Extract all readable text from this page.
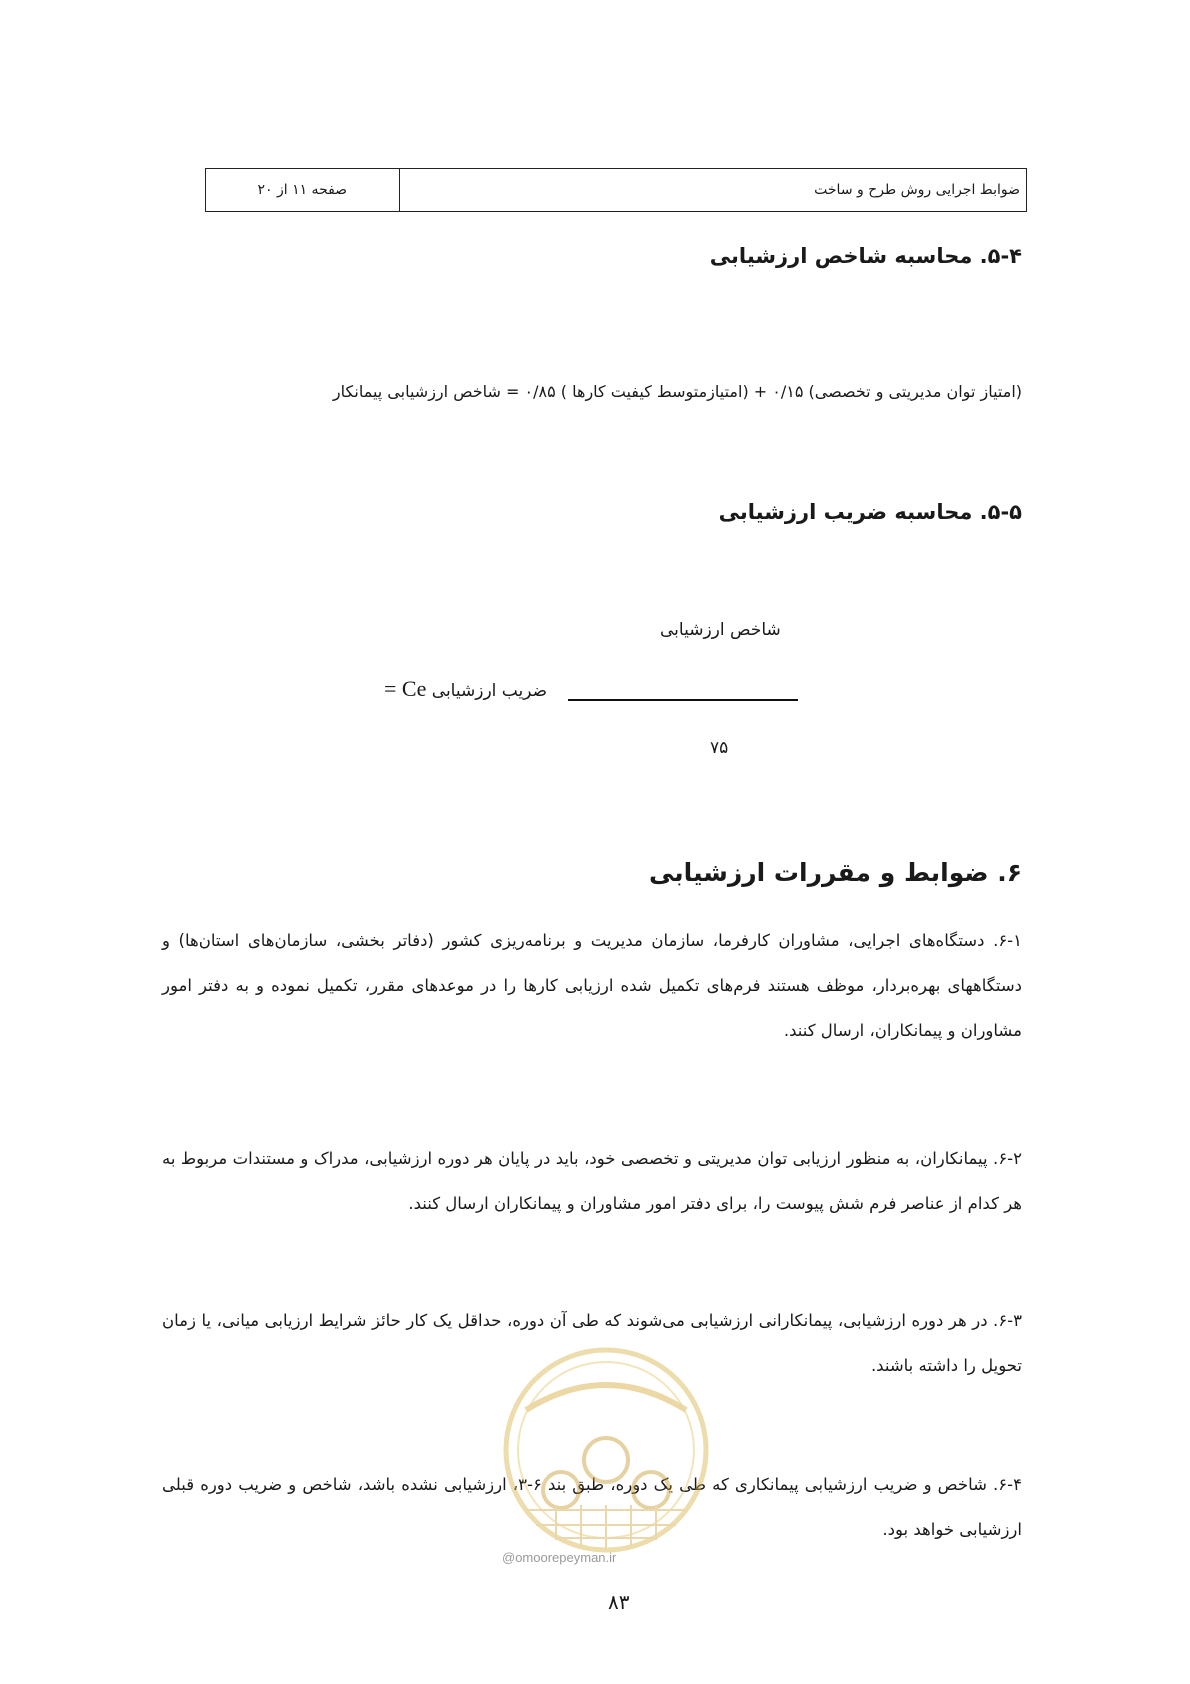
ضوابط اجرایی روش طرح و ساخت
صفحه ۱۱ از ۲۰
۵-۴. محاسبه شاخص ارزشیابی
(امتیاز توان مدیریتی و تخصصی) ۰/۱۵ + (امتیازمتوسط کیفیت کارها ) ۰/۸۵ = شاخص ارزشیابی پیمانکار
۵-۵. محاسبه ضریب ارزشیابی
شاخص ارزشیابی
ضریب ارزشیابی Ce =
۷۵
۶. ضوابط و مقررات ارزشیابی
۶-۱. دستگاه‌های اجرایی، مشاوران کارفرما، سازمان مدیریت و برنامه‌ریزی کشور (دفاتر بخشی، سازمان‌های استان‌ها) و دستگاههای بهره‌بردار، موظف هستند فرم‌های تکمیل شده ارزیابی کارها را در موعدهای مقرر، تکمیل نموده و به دفتر امور مشاوران و پیمانکاران، ارسال کنند.
۶-۲. پیمانکاران، به منظور ارزیابی توان مدیریتی و تخصصی خود، باید در پایان هر دوره ارزشیابی، مدراک و مستندات مربوط به هر کدام از عناصر فرم شش پیوست را، برای دفتر امور مشاوران و پیمانکاران ارسال کنند.
۶-۳. در هر دوره ارزشیابی، پیمانکارانی ارزشیابی می‌شوند که طی آن دوره، حداقل یک کار حائز شرایط ارزیابی میانی، یا زمان تحویل را داشته باشند.
۶-۴. شاخص و ضریب ارزشیابی پیمانکاری که طی یک دوره، طبق بند ۶-۳، ارزشیابی نشده باشد، شاخص و ضریب دوره قبلی ارزشیابی خواهد بود.
@omoorepeyman.ir
۸۳
